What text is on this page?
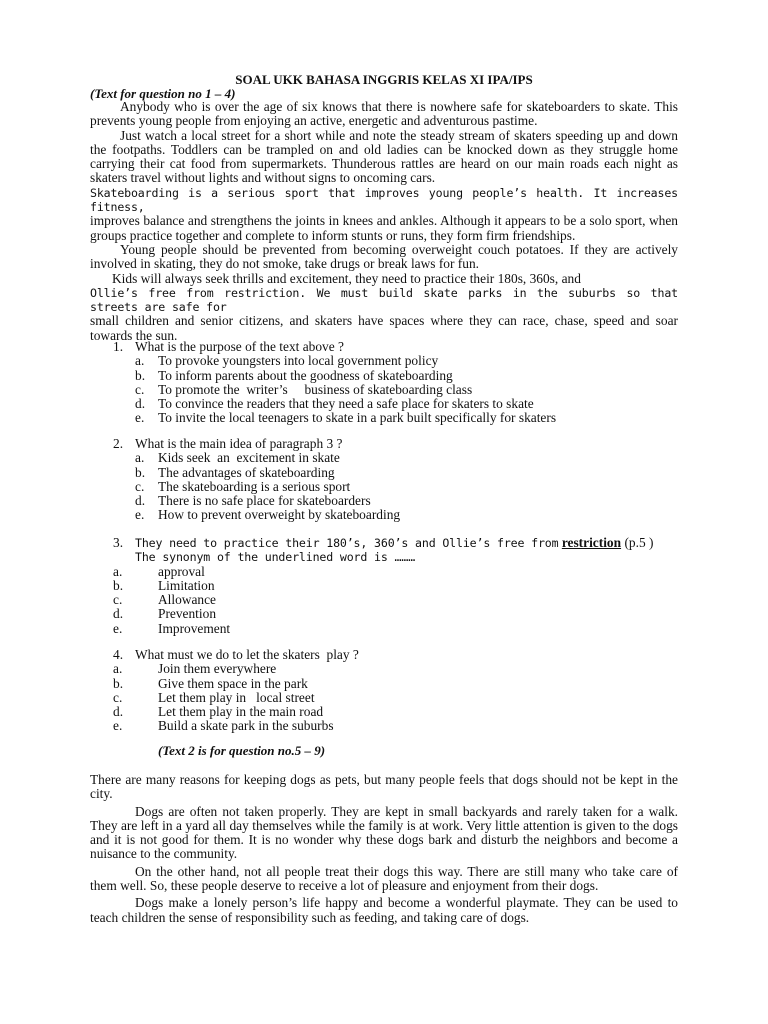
SOAL UKK BAHASA INGGRIS KELAS XI IPA/IPS
(Text for question no 1 – 4)

Anybody who is over the age of six knows that there is nowhere safe for skateboarders to skate. This prevents young people from enjoying an active, energetic and adventurous pastime.

Just watch a local street for a short while and note the steady stream of skaters speeding up and down the footpaths. Toddlers can be trampled on and old ladies can be knocked down as they struggle home carrying their cat food from supermarkets. Thunderous rattles are heard on our main roads each night as skaters travel without lights and without signs to oncoming cars.

Skateboarding is a serious sport that improves young people’s health. It increases fitness,

improves balance and strengthens the joints in knees and ankles. Although it appears to be a solo sport, when groups practice together and complete to inform stunts or runs, they form firm friendships.

Young people should be prevented from becoming overweight couch potatoes. If they are actively involved in skating, they do not smoke, take drugs or break laws for fun.

Kids will always seek thrills and excitement, they need to practice their 180s, 360s, and

Ollie’s free from restriction. We must build skate parks in the suburbs so that streets are safe for

small children and senior citizens, and skaters have spaces where they can race, chase, speed and soar towards the sun.

1. What is the purpose of the text above ?
a. To provoke youngsters into local government policy
b. To inform parents about the goodness of skateboarding
c. To promote the  writer’s     business of skateboarding class
d. To convince the readers that they need a safe place for skaters to skate
e. To invite the local teenagers to skate in a park built specifically for skaters
2. What is the main idea of paragraph 3 ?
a. Kids seek  an  excitement in skate
b. The advantages of skateboarding
c. The skateboarding is a serious sport
d. There is no safe place for skateboarders
e. How to prevent overweight by skateboarding
3. They need to practice their 180’s, 360’s and Ollie’s free from restriction (p.5 )
The synonym of the underlined word is ………
a.	approval
b.	Limitation
c.	Allowance
d.	Prevention
e.	Improvement
4. What must we do to let the skaters  play ?
a.	Join them everywhere
b.	Give them space in the park
c.	Let them play in   local street
d.	Let them play in the main road
e.	Build a skate park in the suburbs
(Text 2 is for question no.5 – 9)

There are many reasons for keeping dogs as pets, but many people feels that dogs should not be kept in the city.

Dogs are often not taken properly. They are kept in small backyards and rarely taken for a walk. They are left in a yard all day themselves while the family is at work. Very little attention is given to the dogs and it is not good for them. It is no wonder why these dogs bark and disturb the neighbors and become a nuisance to the community.

On the other hand, not all people treat their dogs this way. There are still many who take care of them well. So, these people deserve to receive a lot of pleasure and enjoyment from their dogs.

Dogs make a lonely person’s life happy and become a wonderful playmate. They can be used to teach children the sense of responsibility such as feeding, and taking care of dogs.
